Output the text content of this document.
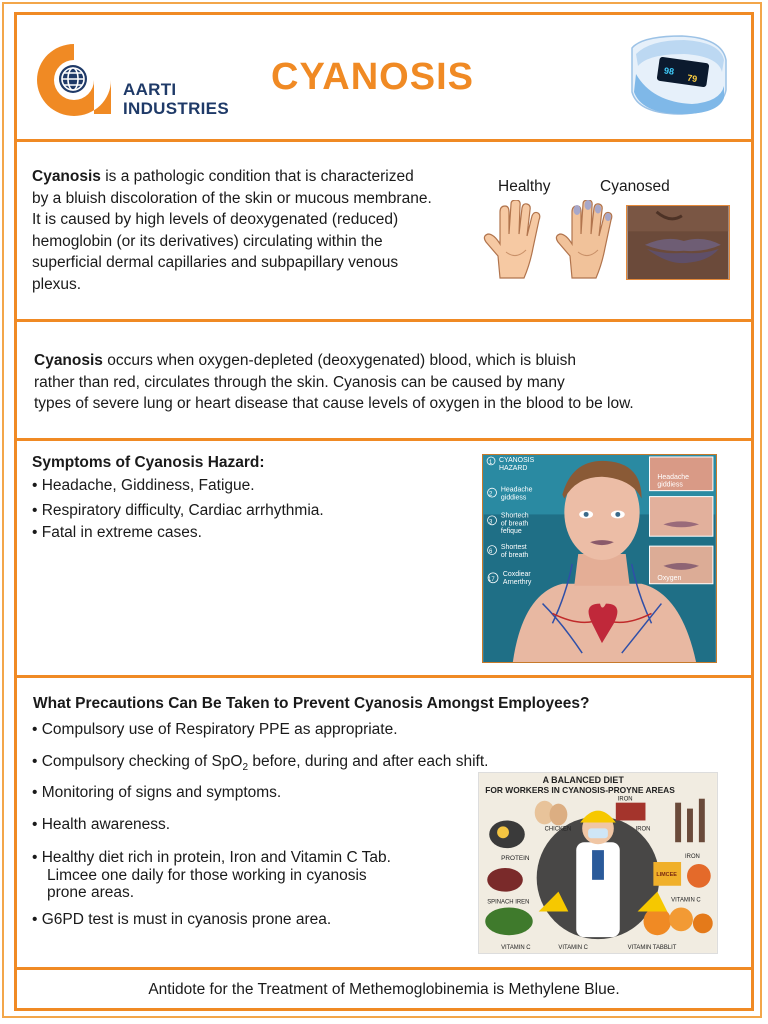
AARTI
INDUSTRIES
CYANOSIS	98
79
Cyanosis is a pathologic condition that is characterized
by a bluish discoloration of the skin or mucous membrane.
It is caused by high levels of deoxygenated (reduced)
hemoglobin (or its derivatives) circulating within the
superficial dermal capillaries and subpapillary venous
plexus.
Healthy	Cyanosed
Cyanosis occurs when oxygen-depleted (deoxygenated) blood, which is bluish
rather than red, circulates through the skin. Cyanosis can be caused by many
types of severe lung or heart disease that cause levels of oxygen in the blood to be low.
Symptoms of Cyanosis Hazard:
• Headache, Giddiness, Fatigue.
• Respiratory difficulty, Cardiac arrhythmia.
• Fatal in extreme cases.
1 CYANOSIS
HAZARD
2
Headache
giddiess
3
Shortech
of breath
fefique
6
Shortest
of breath
17
Coxdiear
Arnerthry
Headache
giddiess
Oxygen
What Precautions Can Be Taken to Prevent Cyanosis Amongst Employees?
• Compulsory use of Respiratory PPE as appropriate.
• Compulsory checking of SpO$_2$ before, during and after each shift.
• Monitoring of signs and symptoms.
• Health awareness.
• Healthy diet rich in protein, Iron and Vitamin C Tab.
Limcee one daily for those working in cyanosis
prone areas.
• G6PD test is must in cyanosis prone area.
A BALANCED DIET
FOR WORKERS IN CYANOSIS-PROYNE AREAS
CHICKEN
PROTEIN
SPINACH IREN
VITAMIN C
IRON
IRON
IRON
LIMCEE
VITAMIN C
VITAMIN TABBLIT
VITAMIN C
Antidote for the Treatment of Methemoglobinemia is Methylene Blue.
